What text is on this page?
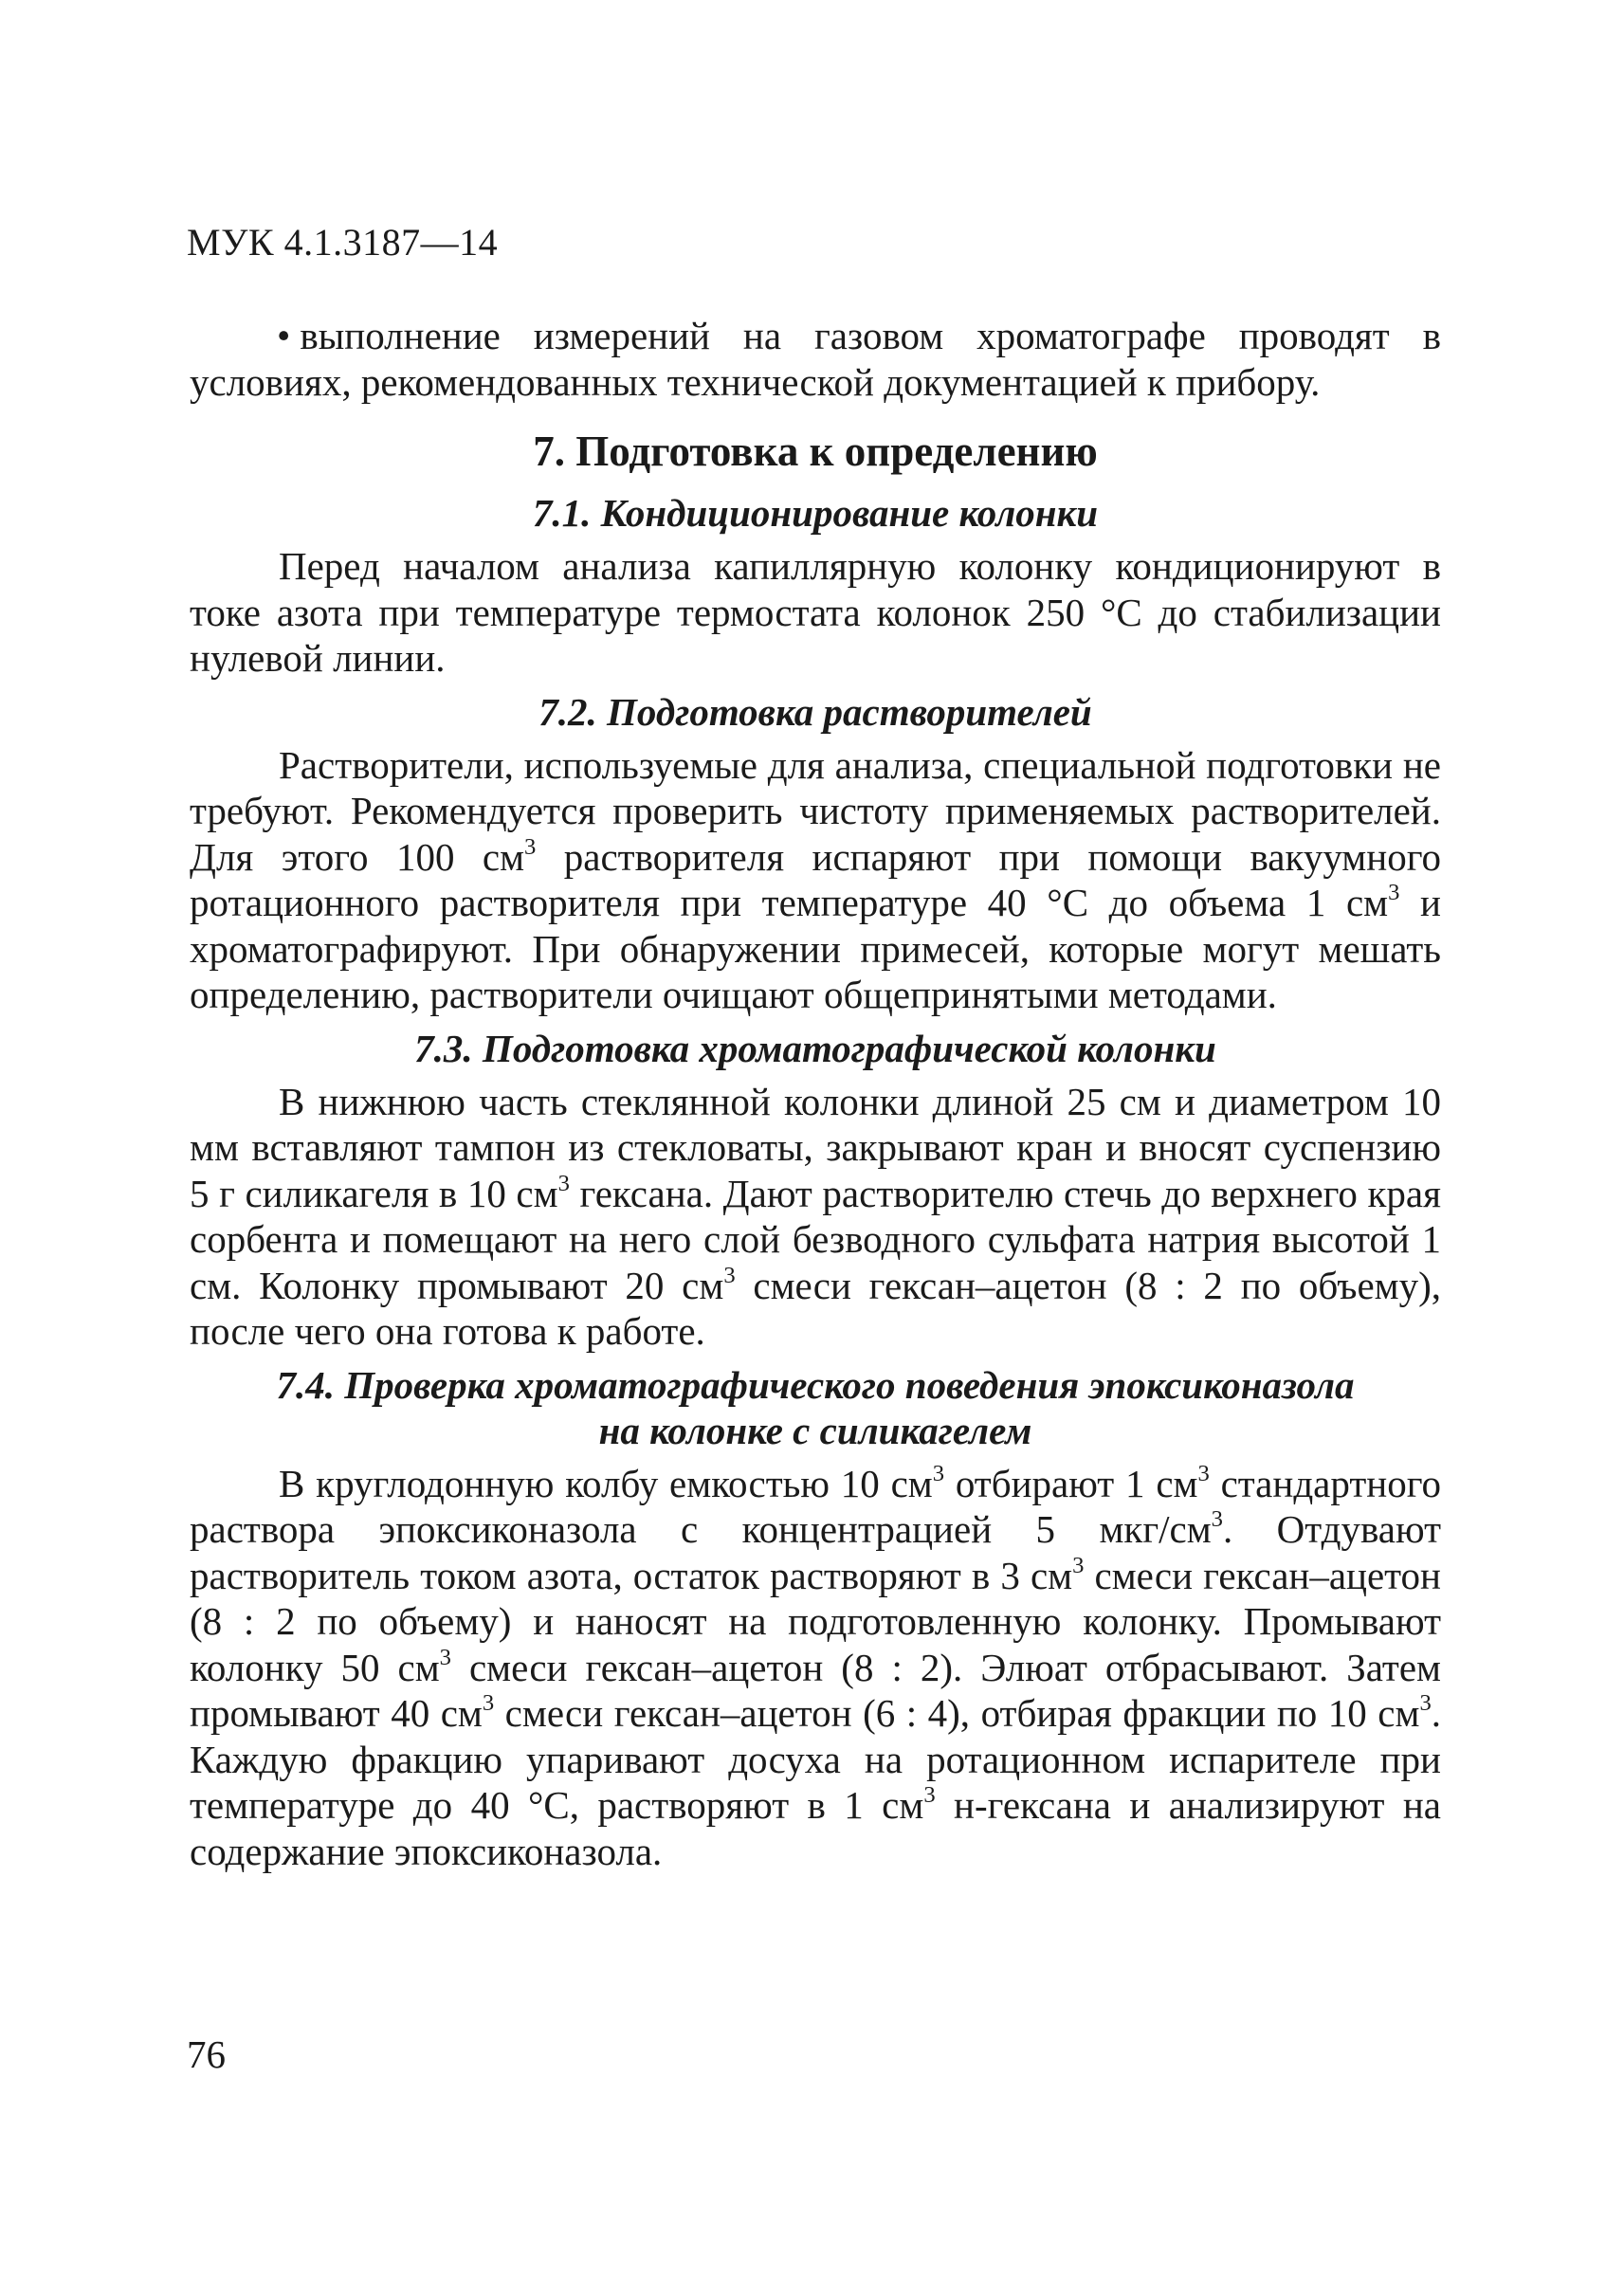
МУК 4.1.3187—14

• выполнение измерений на газовом хроматографе проводят в условиях, рекомендованных технической документацией к прибору.

7. Подготовка к определению
7.1. Кондиционирование колонки

Перед началом анализа капиллярную колонку кондиционируют в токе азота при температуре термостата колонок 250 °С до стабилизации нулевой линии.

7.2. Подготовка растворителей

Растворители, используемые для анализа, специальной подготовки не требуют. Рекомендуется проверить чистоту применяемых растворителей. Для этого 100 $см^3$ растворителя испаряют при помощи вакуумного ротационного растворителя при температуре 40 °С до объема 1 $см^3$ и хроматографируют. При обнаружении примесей, которые могут мешать определению, растворители очищают общепринятыми методами.

7.3. Подготовка хроматографической колонки

В нижнюю часть стеклянной колонки длиной 25 см и диаметром 10 мм вставляют тампон из стекловаты, закрывают кран и вносят суспензию 5 г силикагеля в 10 $см^3$ гексана. Дают растворителю стечь до верхнего края сорбента и помещают на него слой безводного сульфата натрия высотой 1 см. Колонку промывают 20 $см^3$ смеси гексан–ацетон (8 : 2 по объему), после чего она готова к работе.

7.4. Проверка хроматографического поведения эпоксиконазола
на колонке с силикагелем

В круглодонную колбу емкостью 10 $см^3$ отбирают 1 $см^3$ стандартного раствора эпоксиконазола с концентрацией 5 мкг/$см^3$. Отдувают растворитель током азота, остаток растворяют в 3 $см^3$ смеси гексан–ацетон (8 : 2 по объему) и наносят на подготовленную колонку. Промывают колонку 50 $см^3$ смеси гексан–ацетон (8 : 2). Элюат отбрасывают. Затем промывают 40 $см^3$ смеси гексан–ацетон (6 : 4), отбирая фракции по 10 $см^3$. Каждую фракцию упаривают досуха на ротационном испарителе при температуре до 40 °С, растворяют в 1 $см^3$ н-гексана и анализируют на содержание эпоксиконазола.

76
